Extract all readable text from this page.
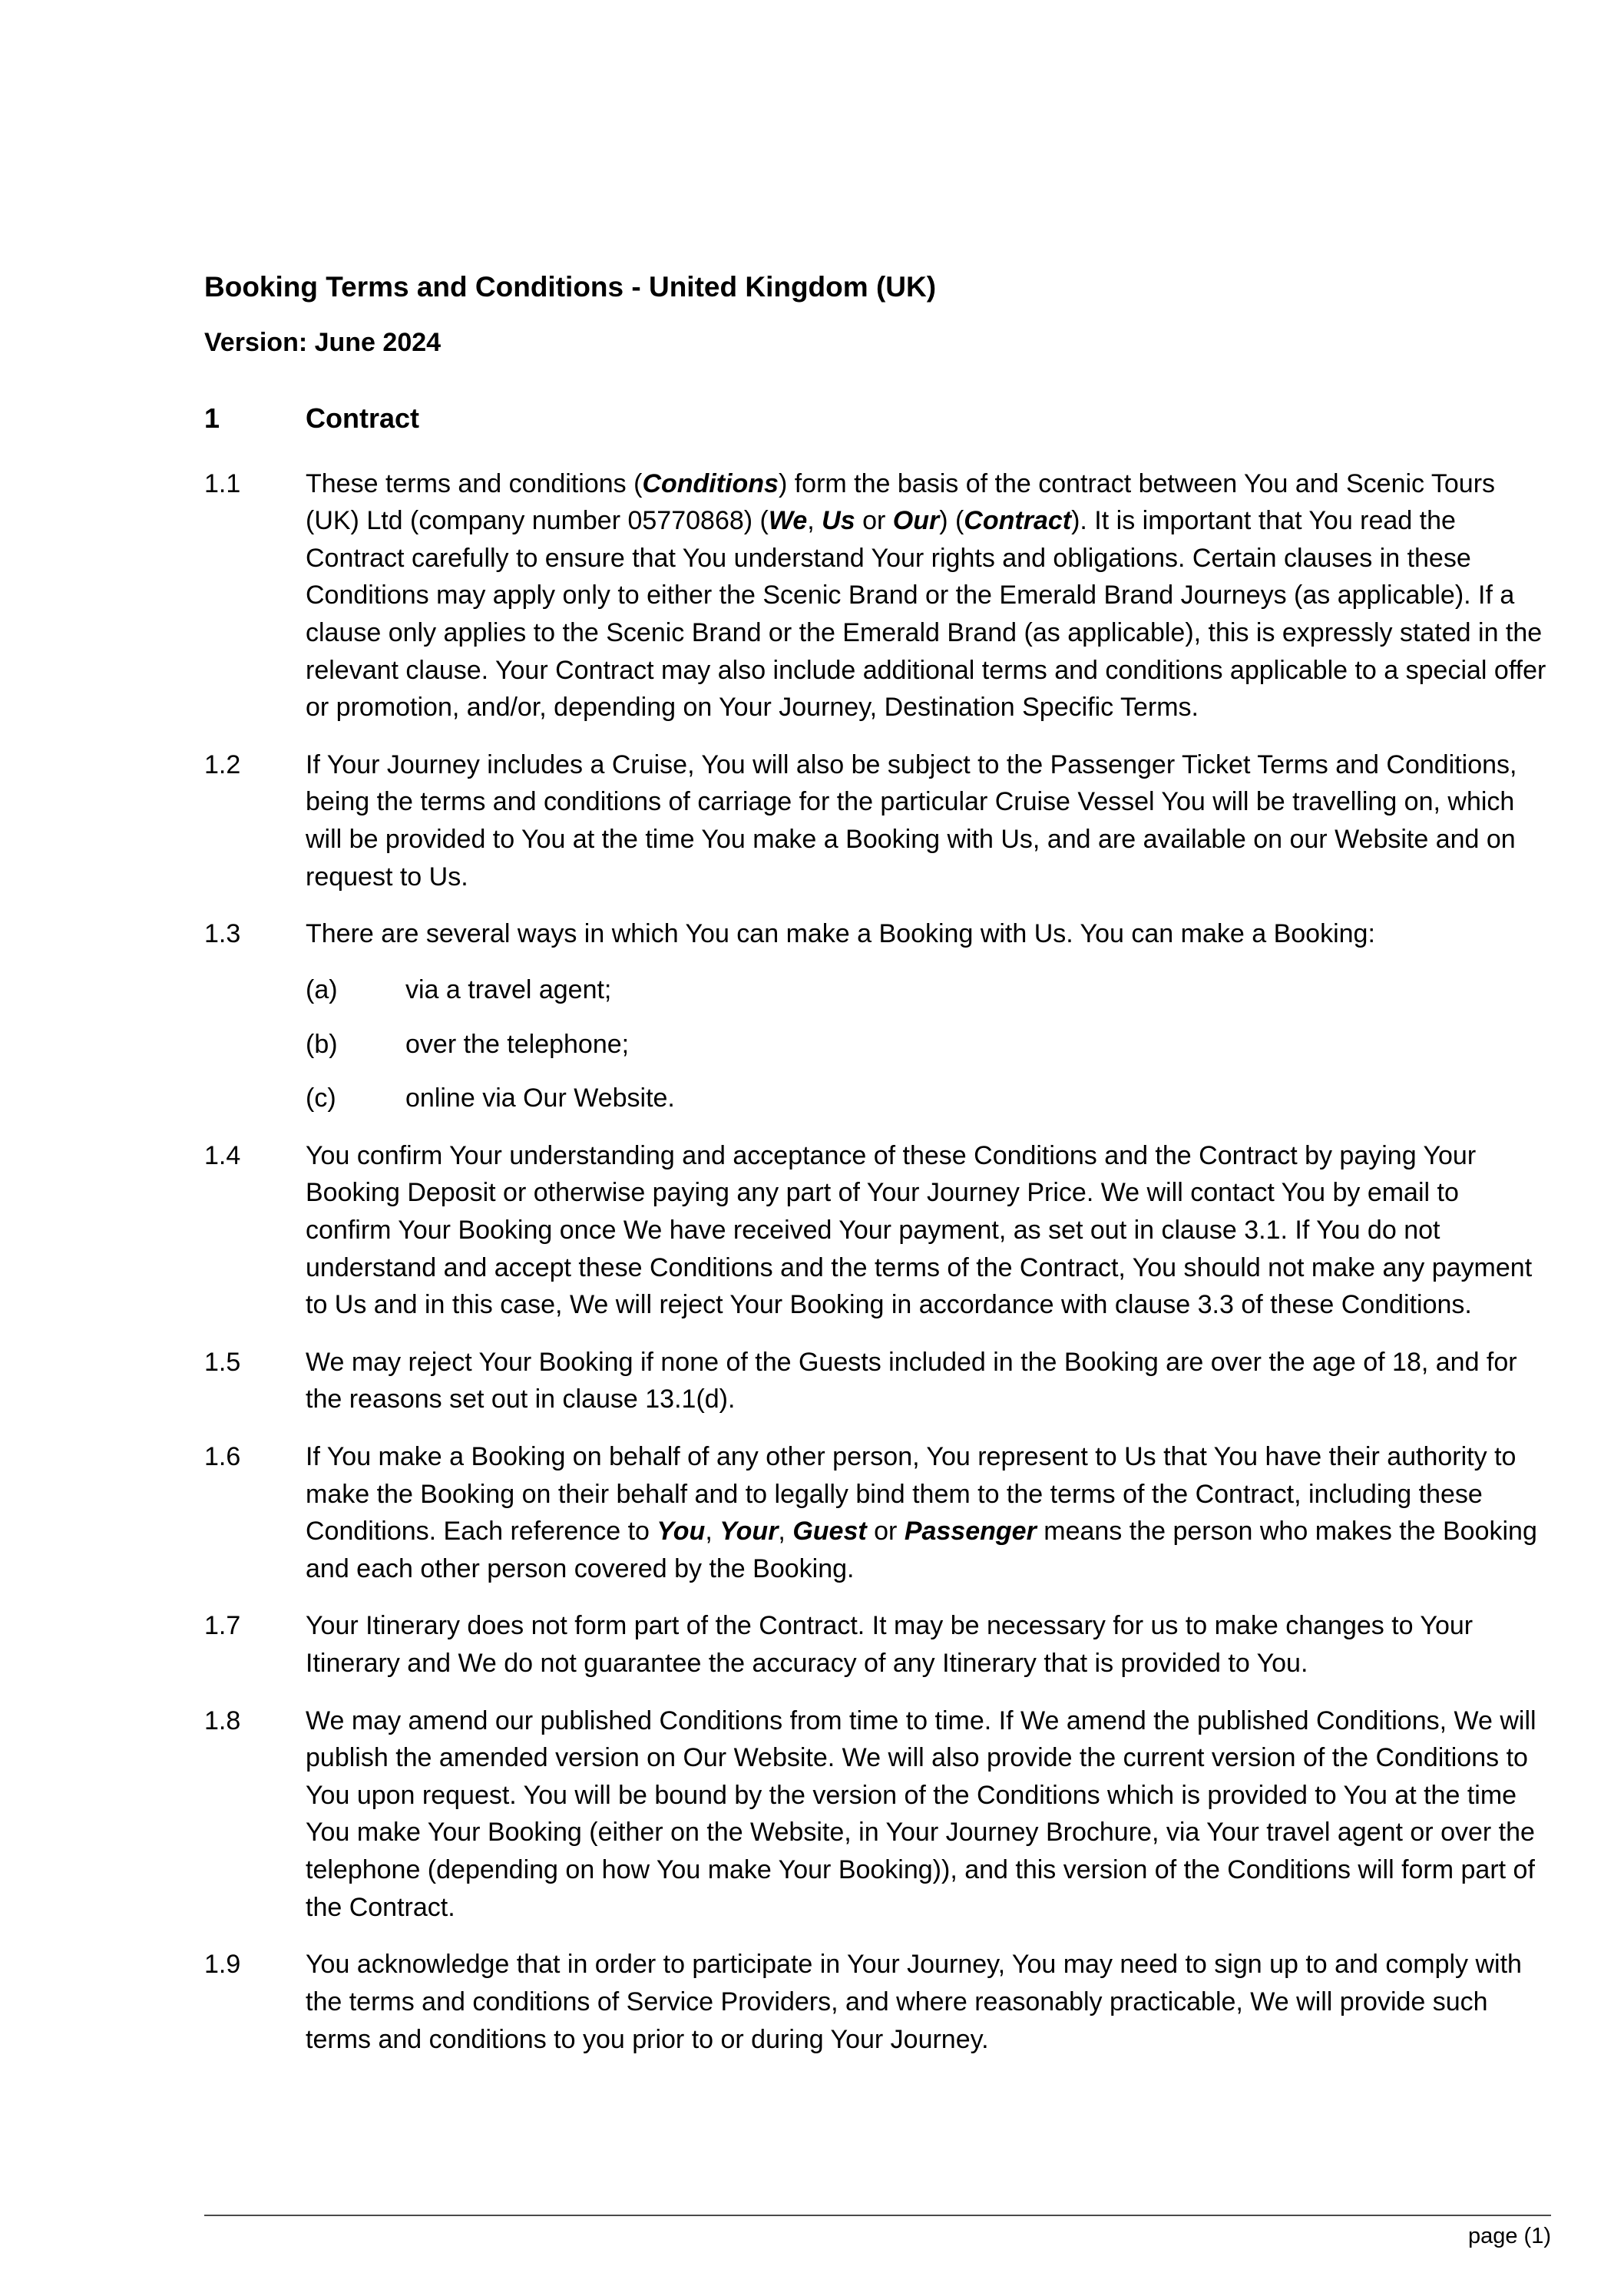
Booking Terms and Conditions - United Kingdom (UK)
Version: June 2024
1	Contract
1.1	These terms and conditions (Conditions) form the basis of the contract between You and Scenic Tours (UK) Ltd (company number 05770868) (We, Us or Our) (Contract). It is important that You read the Contract carefully to ensure that You understand Your rights and obligations. Certain clauses in these Conditions may apply only to either the Scenic Brand or the Emerald Brand Journeys (as applicable). If a clause only applies to the Scenic Brand or the Emerald Brand (as applicable), this is expressly stated in the relevant clause. Your Contract may also include additional terms and conditions applicable to a special offer or promotion, and/or, depending on Your Journey, Destination Specific Terms.
1.2	If Your Journey includes a Cruise, You will also be subject to the Passenger Ticket Terms and Conditions, being the terms and conditions of carriage for the particular Cruise Vessel You will be travelling on, which will be provided to You at the time You make a Booking with Us, and are available on our Website and on request to Us.
1.3	There are several ways in which You can make a Booking with Us. You can make a Booking:
(a)	via a travel agent;
(b)	over the telephone;
(c)	online via Our Website.
1.4	You confirm Your understanding and acceptance of these Conditions and the Contract by paying Your Booking Deposit or otherwise paying any part of Your Journey Price. We will contact You by email to confirm Your Booking once We have received Your payment, as set out in clause 3.1. If You do not understand and accept these Conditions and the terms of the Contract, You should not make any payment to Us and in this case, We will reject Your Booking in accordance with clause 3.3 of these Conditions.
1.5	We may reject Your Booking if none of the Guests included in the Booking are over the age of 18, and for the reasons set out in clause 13.1(d).
1.6	If You make a Booking on behalf of any other person, You represent to Us that You have their authority to make the Booking on their behalf and to legally bind them to the terms of the Contract, including these Conditions. Each reference to You, Your, Guest or Passenger means the person who makes the Booking and each other person covered by the Booking.
1.7	Your Itinerary does not form part of the Contract. It may be necessary for us to make changes to Your Itinerary and We do not guarantee the accuracy of any Itinerary that is provided to You.
1.8	We may amend our published Conditions from time to time. If We amend the published Conditions, We will publish the amended version on Our Website. We will also provide the current version of the Conditions to You upon request. You will be bound by the version of the Conditions which is provided to You at the time You make Your Booking (either on the Website, in Your Journey Brochure, via Your travel agent or over the telephone (depending on how You make Your Booking)), and this version of the Conditions will form part of the Contract.
1.9	You acknowledge that in order to participate in Your Journey, You may need to sign up to and comply with the terms and conditions of Service Providers, and where reasonably practicable, We will provide such terms and conditions to you prior to or during Your Journey.
page (1)
